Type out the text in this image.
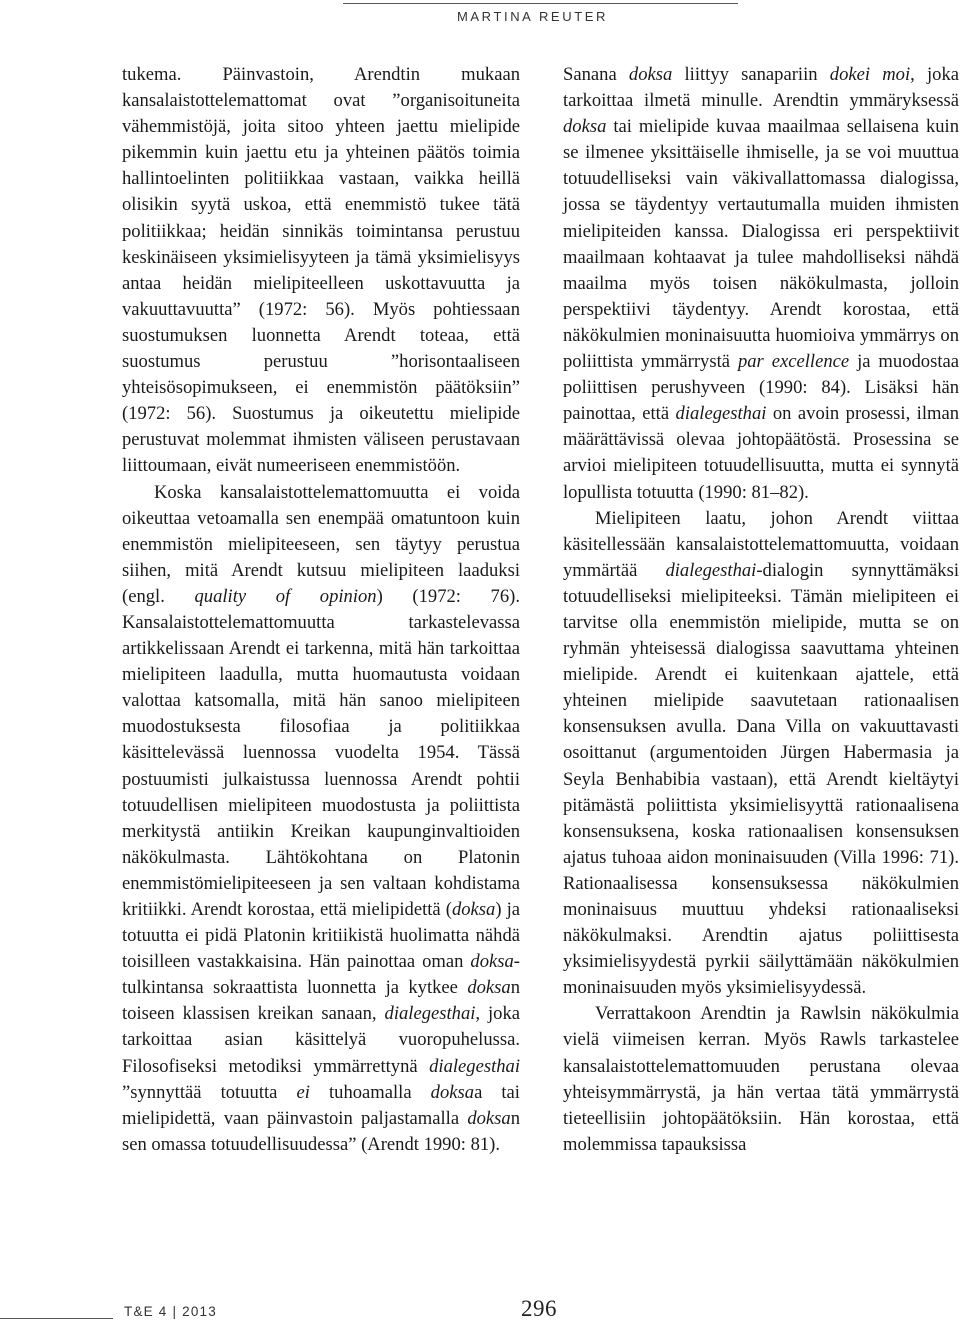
MARTINA REUTER

tukema. Päinvastoin, Arendtin mukaan kansalaistottelemattomat ovat ”organisoituneita vähemmistöjä, joita sitoo yhteen jaettu mielipide pikemmin kuin jaettu etu ja yhteinen päätös toimia hallintoelinten politiikkaa vastaan, vaikka heillä olisikin syytä uskoa, että enemmistö tukee tätä politiikkaa; heidän sinnikäs toimintansa perustuu keskinäiseen yksimielisyyteen ja tämä yksimielisyys antaa heidän mielipiteelleen uskottavuutta ja vakuuttavuutta” (1972: 56). Myös pohtiessaan suostumuksen luonnetta Arendt toteaa, että suostumus perustuu ”horisontaaliseen yhteisösopimukseen, ei enemmistön päätöksiin” (1972: 56). Suostumus ja oikeutettu mielipide perustuvat molemmat ihmisten väliseen perustavaan liittoumaan, eivät numeeriseen enemmistöön.

Koska kansalaistottelemattomuutta ei voida oikeuttaa vetoamalla sen enempää omatuntoon kuin enemmistön mielipiteeseen, sen täytyy perustua siihen, mitä Arendt kutsuu mielipiteen laaduksi (engl. quality of opinion) (1972: 76). Kansalaistottelemattomuutta tarkastelevassa artikkelissaan Arendt ei tarkenna, mitä hän tarkoittaa mielipiteen laadulla, mutta huomautusta voidaan valottaa katsomalla, mitä hän sanoo mielipiteen muodostuksesta filosofiaa ja politiikkaa käsittelevässä luennossa vuodelta 1954. Tässä postuumisti julkaistussa luennossa Arendt pohtii totuudellisen mielipiteen muodostusta ja poliittista merkitystä antiikin Kreikan kaupunginvaltioiden näkökulmasta. Lähtökohtana on Platonin enemmistömielipiteeseen ja sen valtaan kohdistama kritiikki. Arendt korostaa, että mielipidettä (doksa) ja totuutta ei pidä Platonin kritiikistä huolimatta nähdä toisilleen vastakkaisina. Hän painottaa oman doksa-tulkintansa sokraattista luonnetta ja kytkee doksan toiseen klassisen kreikan sanaan, dialegesthai, joka tarkoittaa asian käsittelyä vuoropuhelussa. Filosofiseksi metodiksi ymmärrettynä dialegesthai ”synnyttää totuutta ei tuhoamalla doksaa tai mielipidettä, vaan päinvastoin paljastamalla doksan sen omassa totuudellisuudessa” (Arendt 1990: 81).

Sanana doksa liittyy sanapariin dokei moi, joka tarkoittaa ilmetä minulle. Arendtin ymmäryksessä doksa tai mielipide kuvaa maailmaa sellaisena kuin se ilmenee yksittäiselle ihmiselle, ja se voi muuttua totuudelliseksi vain väkivallattomassa dialogissa, jossa se täydentyy vertautumalla muiden ihmisten mielipiteiden kanssa. Dialogissa eri perspektiivit maailmaan kohtaavat ja tulee mahdolliseksi nähdä maailma myös toisen näkökulmasta, jolloin perspektiivi täydentyy. Arendt korostaa, että näkökulmien moninaisuutta huomioiva ymmärrys on poliittista ymmärrystä par excellence ja muodostaa poliittisen perushyveen (1990: 84). Lisäksi hän painottaa, että dialegesthai on avoin prosessi, ilman määrättävissä olevaa johtopäätöstä. Prosessina se arvioi mielipiteen totuudellisuutta, mutta ei synnytä lopullista totuutta (1990: 81–82).

Mielipiteen laatu, johon Arendt viittaa käsitellessään kansalaistottelemattomuutta, voidaan ymmärtää dialegesthai-dialogin synnyttämäksi totuudelliseksi mielipiteeksi. Tämän mielipiteen ei tarvitse olla enemmistön mielipide, mutta se on ryhmän yhteisessä dialogissa saavuttama yhteinen mielipide. Arendt ei kuitenkaan ajattele, että yhteinen mielipide saavutetaan rationaalisen konsensuksen avulla. Dana Villa on vakuuttavasti osoittanut (argumentoiden Jürgen Habermasia ja Seyla Benhabibia vastaan), että Arendt kieltäytyi pitämästä poliittista yksimielisyyttä rationaalisena konsensuksena, koska rationaalisen konsensuksen ajatus tuhoaa aidon moninaisuuden (Villa 1996: 71). Rationaalisessa konsensuksessa näkökulmien moninaisuus muuttuu yhdeksi rationaaliseksi näkökulmaksi. Arendtin ajatus poliittisesta yksimielisyydestä pyrkii säilyttämään näkökulmien moninaisuuden myös yksimielisyydessä.

Verrattakoon Arendtin ja Rawlsin näkökulmia vielä viimeisen kerran. Myös Rawls tarkastelee kansalaistottelemattomuuden perustana olevaa yhteisymmärrystä, ja hän vertaa tätä ymmärrystä tieteellisiin johtopäätöksiin. Hän korostaa, että molemmissa tapauksissa

T&E 4 | 2013	296
